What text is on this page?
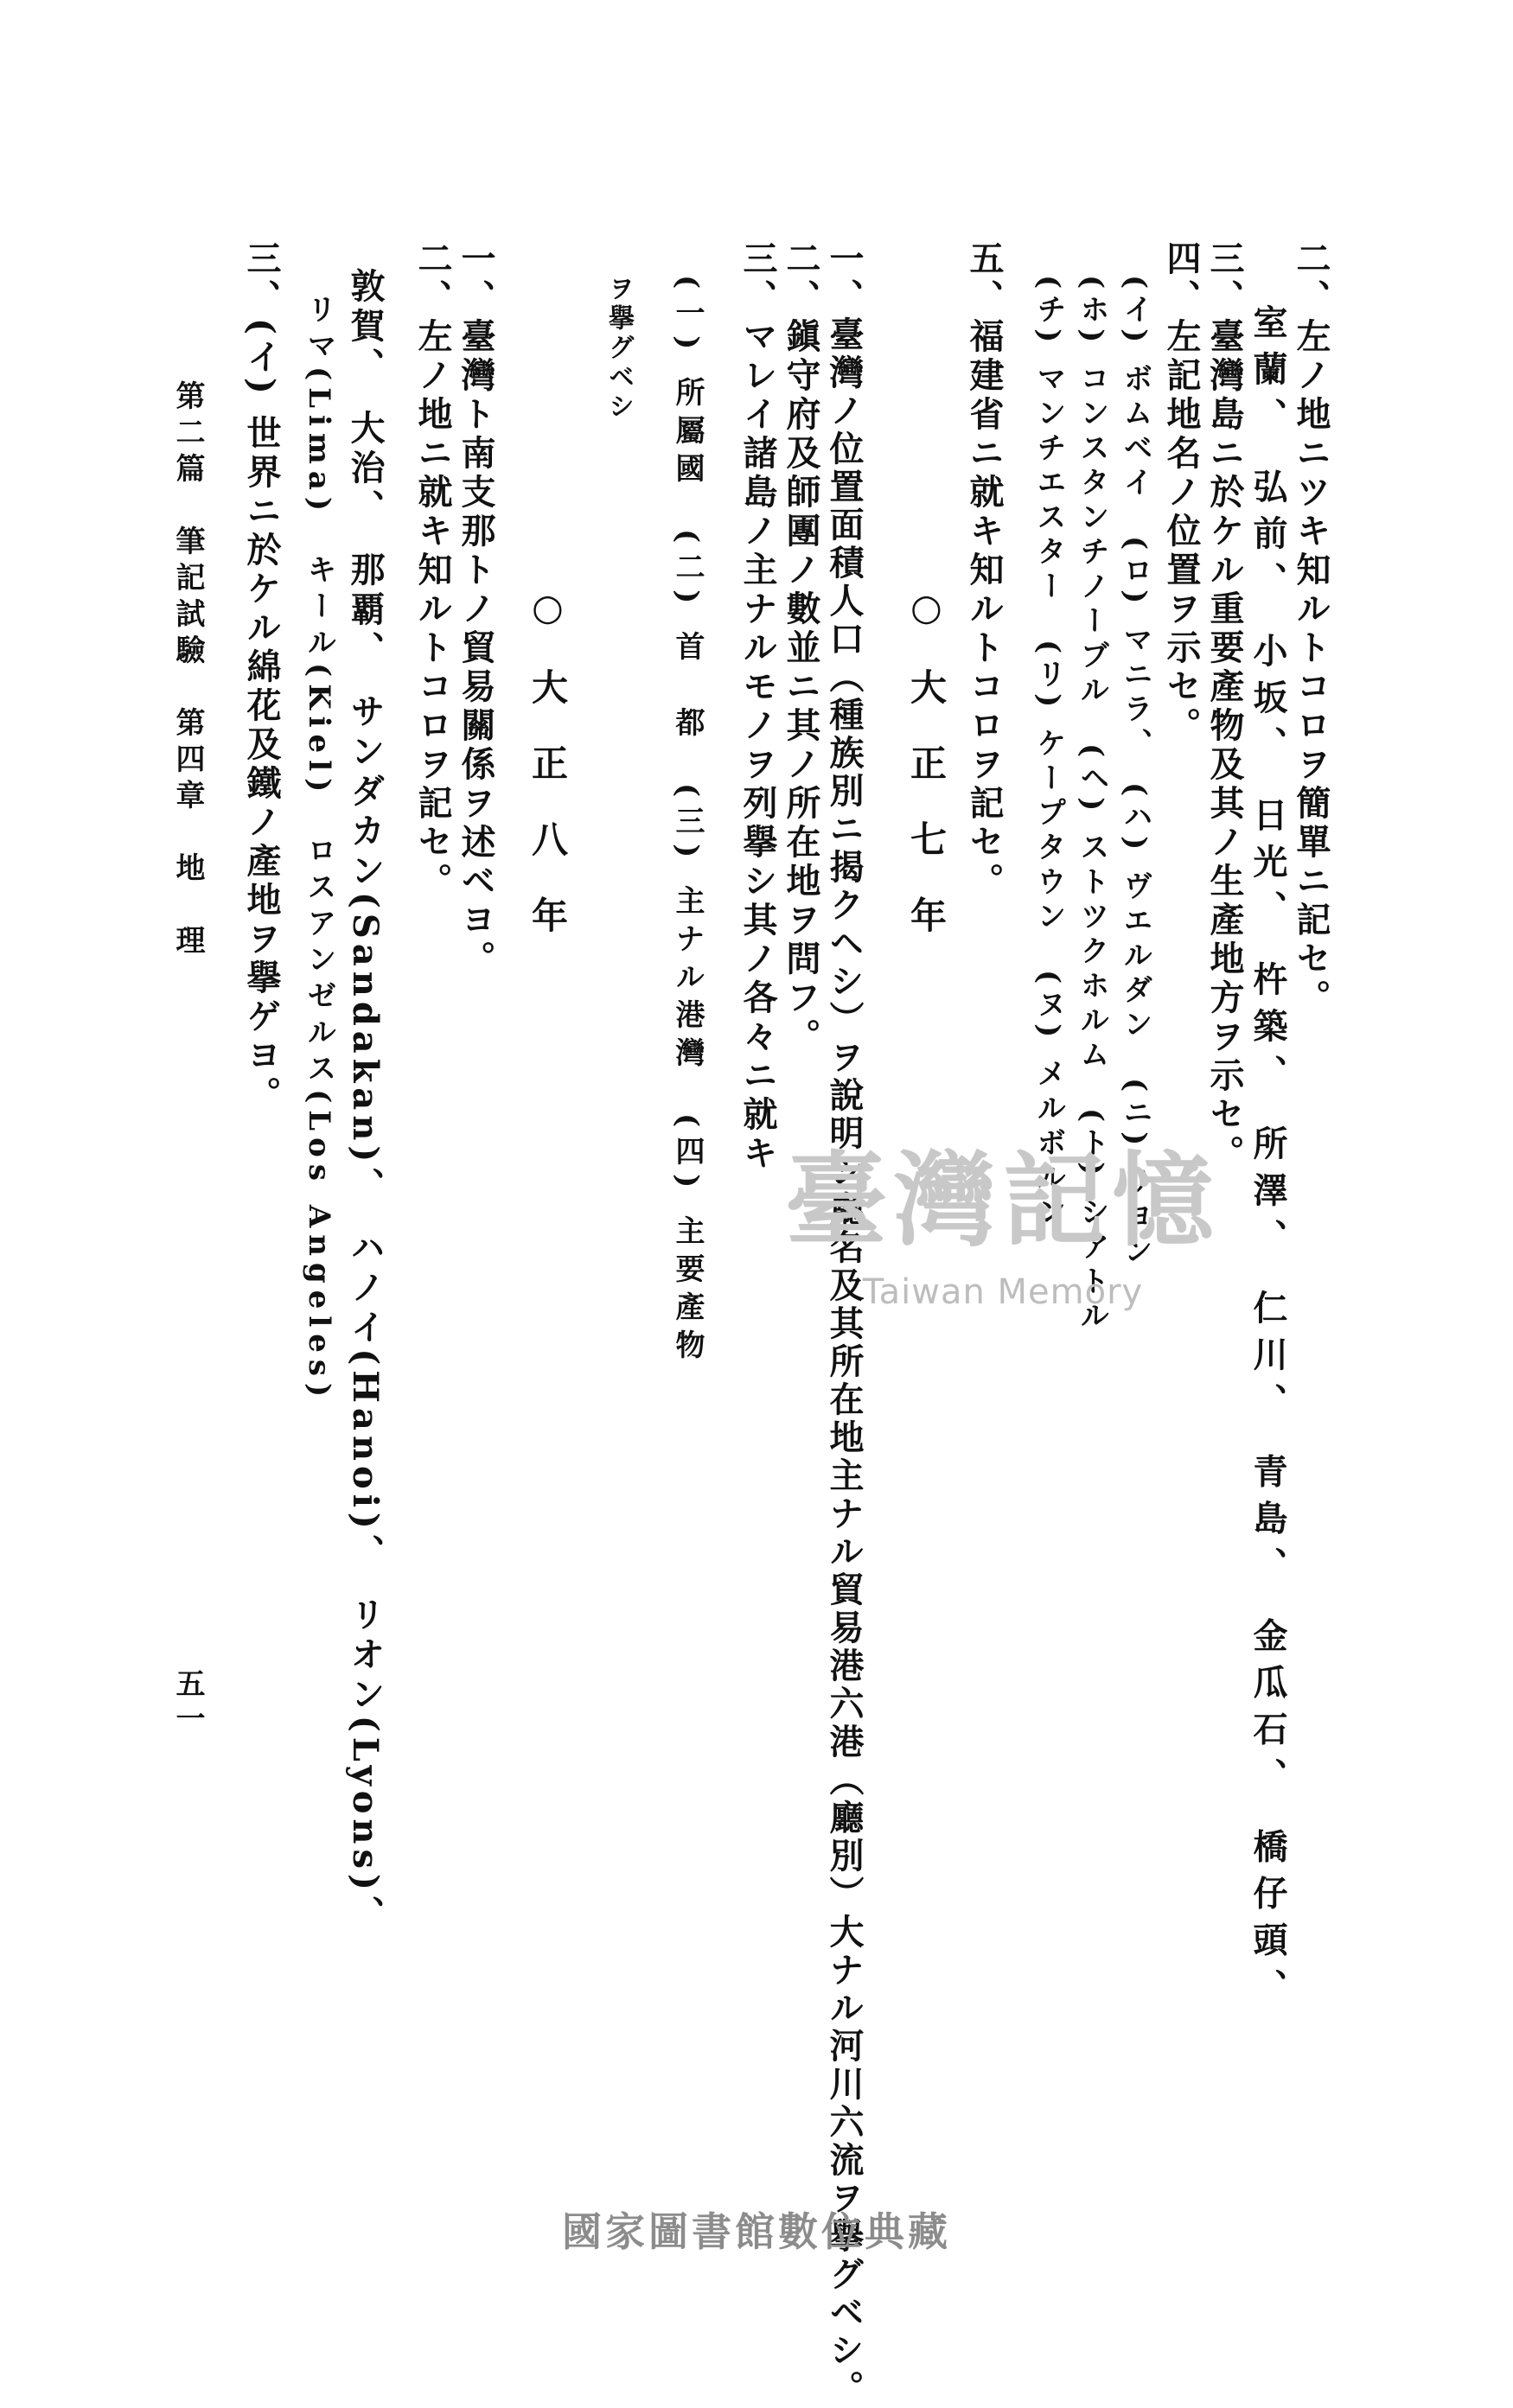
二、左ノ地ニツキ知ルトコロヲ簡單ニ記セ。
室蘭、 弘前、 小坂、 日光、 杵築、 所澤、 仁川、 青島、 金瓜石、 橋仔頭、
三、臺灣島ニ於ケル重要產物及其ノ生產地方ヲ示セ。
四、左記地名ノ位置ヲ示セ。
(イ) ボムベイ　(ロ) マニラ、　(ハ) ヴエルダン　(ニ) リヨン
(ホ) コンスタンチノーブル　(ヘ) ストツクホルム　(ト) シアトル
(チ) マンチエスター　(リ) ケープタウン　(ヌ) メルボルン
五、福建省ニ就キ知ルトコロヲ記セ。
○大正七年
一、臺灣ノ位置面積人口（種族別ニ揭クヘシ）ヲ說明シ廳名及其所在地主ナル貿易港六港（廳別）大ナル河川六流ヲ擧グベシ。
二、鎭守府及師團ノ數並ニ其ノ所在地ヲ問フ。
三、マレイ諸島ノ主ナルモノヲ列擧シ其ノ各々ニ就キ
(一) 所屬國　(二) 首　都　(三) 主ナル港灣　(四) 主要產物
ヲ擧グベシ
○大正八年
一、臺灣ト南支那トノ貿易關係ヲ述ベヨ。
二、左ノ地ニ就キ知ルトコロヲ記セ。
敦賀、　大治、　那覇、　サンダカン(Sandakan)、　ハノイ(Hanoi)、　リオン(Lyons)、
リマ(Lima)　キール(Kiel)　ロスアンゼルス(Los Angeles)
三、(イ) 世界ニ於ケル綿花及鐵ノ產地ヲ擧ゲヨ。
第二篇　筆記試驗　第四章　地　理
五一
臺灣記憶
Taiwan Memory
國家圖書館數位典藏
